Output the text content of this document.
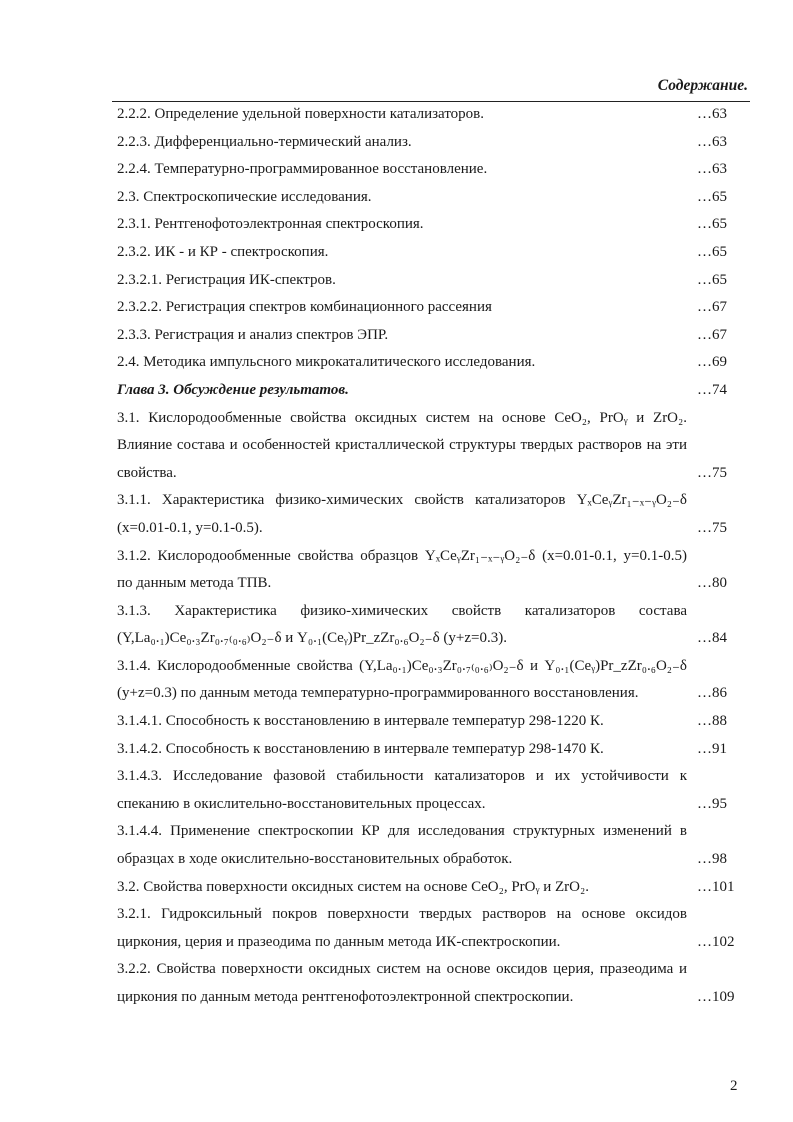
Содержание.
2.2.2. Определение удельной поверхности катализаторов.	…63
2.2.3. Дифференциально-термический анализ.	…63
2.2.4. Температурно-программированное восстановление.	…63
2.3. Спектроскопические исследования.	…65
2.3.1. Рентгенофотоэлектронная спектроскопия.	…65
2.3.2. ИК - и КР - спектроскопия.	…65
2.3.2.1. Регистрация ИК-спектров.	…65
2.3.2.2. Регистрация спектров комбинационного рассеяния	…67
2.3.3. Регистрация и анализ спектров ЭПР.	…67
2.4. Методика импульсного микрокаталитического исследования.	…69
Глава 3. Обсуждение результатов.	…74
3.1. Кислородообменные свойства оксидных систем на основе CeO₂, PrOᵧ и ZrO₂. Влияние состава и особенностей кристаллической структуры твердых растворов на эти свойства.	…75
3.1.1. Характеристика физико-химических свойств катализаторов YₓCeᵧZr₁₋ₓ₋ᵧO₂₋δ (x=0.01-0.1, y=0.1-0.5).	…75
3.1.2. Кислородообменные свойства образцов YₓCeᵧZr₁₋ₓ₋ᵧO₂₋δ (x=0.01-0.1, y=0.1-0.5) по данным метода ТПВ.	…80
3.1.3. Характеристика физико-химических свойств катализаторов состава (Y,La₀.₁)Ce₀.₃Zr₀.₇₍₀.₆₎O₂₋δ и Y₀.₁(Ceᵧ)Pr_zZr₀.₆O₂₋δ (y+z=0.3).	…84
3.1.4. Кислородообменные свойства (Y,La₀.₁)Ce₀.₃Zr₀.₇₍₀.₆₎O₂₋δ и Y₀.₁(Ceᵧ)Pr_zZr₀.₆O₂₋δ (y+z=0.3) по данным метода температурно-программированного восстановления.	…86
3.1.4.1. Способность к восстановлению в интервале температур 298-1220 К.	…88
3.1.4.2. Способность к восстановлению в интервале температур 298-1470 К.	…91
3.1.4.3. Исследование фазовой стабильности катализаторов и их устойчивости к спеканию в окислительно-восстановительных процессах.	…95
3.1.4.4. Применение спектроскопии КР для исследования структурных изменений в образцах в ходе окислительно-восстановительных обработок.	…98
3.2. Свойства поверхности оксидных систем на основе CeO₂, PrOᵧ и ZrO₂.	…101
3.2.1. Гидроксильный покров поверхности твердых растворов на основе оксидов циркония, церия и празеодима по данным метода ИК-спектроскопии.	…102
3.2.2. Свойства поверхности оксидных систем на основе оксидов церия, празеодима и циркония по данным метода рентгенофотоэлектронной спектроскопии.	…109
2
